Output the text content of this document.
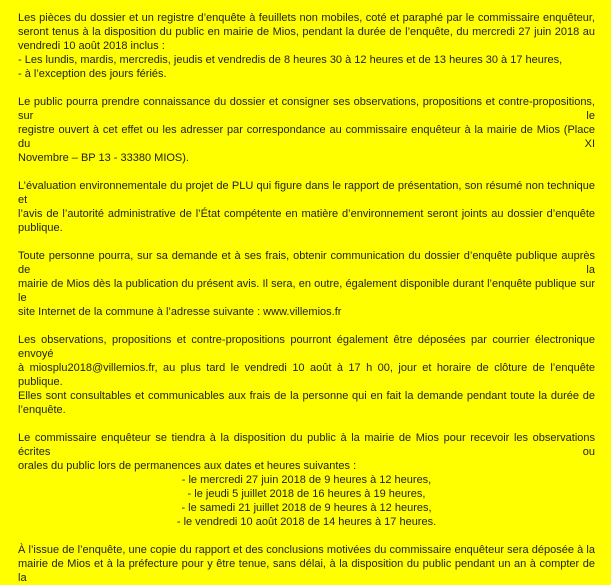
Les pièces du dossier et un registre d’enquête à feuillets non mobiles, coté et paraphé par le commissaire enquêteur,
seront tenus à la disposition du public en mairie de Mios, pendant la durée de l’enquête, du mercredi 27 juin 2018 au
vendredi 10 août 2018 inclus :
- Les lundis, mardis, mercredis, jeudis et vendredis de 8 heures 30 à 12 heures et de 13 heures 30 à 17 heures,
- à l’exception des jours fériés.
Le public pourra prendre connaissance du dossier et consigner ses observations, propositions et contre-propositions, sur le
registre ouvert à cet effet ou les adresser par correspondance au commissaire enquêteur à la mairie de Mios (Place du XI
Novembre – BP 13 - 33380 MIOS).
L’évaluation environnementale du projet de PLU qui figure dans le rapport de présentation, son résumé non technique et
l’avis de l’autorité administrative de l’État compétente en matière d’environnement seront joints au dossier d’enquête
publique.
Toute personne pourra, sur sa demande et à ses frais, obtenir communication du dossier d’enquête publique auprès de la
mairie de Mios dès la publication du présent avis. Il sera, en outre, également disponible durant l’enquête publique sur le
site Internet de la commune à l’adresse suivante : www.villemios.fr
Les observations, propositions et contre-propositions pourront également être déposées par courrier électronique envoyé
à miosplu2018@villemios.fr, au plus tard le vendredi 10 août à 17 h 00, jour et horaire de clôture de l’enquête publique.
Elles sont consultables et communicables aux frais de la personne qui en fait la demande pendant toute la durée de
l’enquête.
Le commissaire enquêteur se tiendra à la disposition du public à la mairie de Mios pour recevoir les observations écrites ou
orales du public lors de permanences aux dates et heures suivantes :
- le mercredi 27 juin 2018 de 9 heures à 12 heures,
- le jeudi 5 juillet 2018 de 16 heures à 19 heures,
- le samedi 21 juillet 2018 de 9 heures à 12 heures,
- le vendredi 10 août 2018 de 14 heures à 17 heures.
À l’issue de l’enquête, une copie du rapport et des conclusions motivées du commissaire enquêteur sera déposée à la
mairie de Mios et à la préfecture pour y être tenue, sans délai, à la disposition du public pendant un an à compter de la
